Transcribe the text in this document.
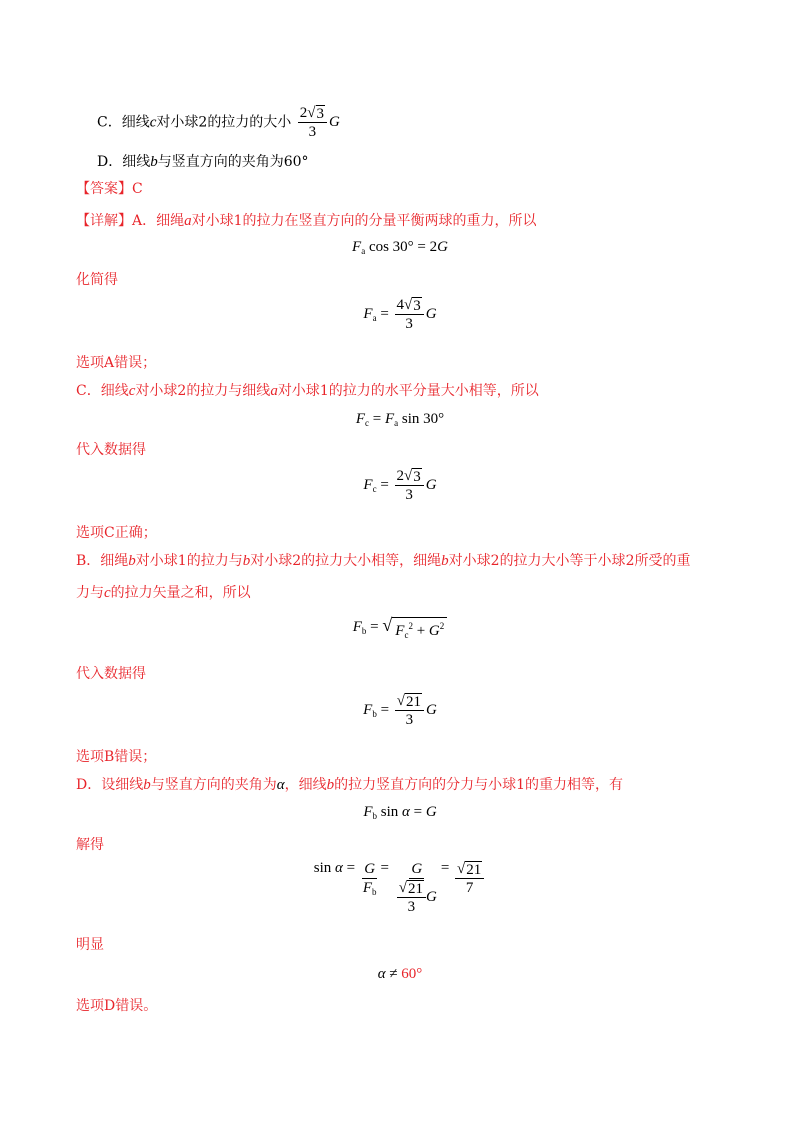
C．细线c对小球2的拉力的大小 $\frac{2 √ 3}{3}$ G
D．细线b与竖直方向的夹角为60°
【答案】C
【详解】A．细绳a对小球1的拉力在竖直方向的分量平衡两球的重力，所以
$F_a$ cos 30° = 2G
化简得
$F_a = \frac{4 √ 3}{3}$ G
选项A错误；
C．细线c对小球2的拉力与细线a对小球1的拉力的水平分量大小相等，所以
$F_c = F_a$ sin 30°
代入数据得
$F_c = \frac{2 √ 3}{3}$ G
选项C正确；
B．细绳b对小球1的拉力与b对小球2的拉力大小相等，细绳b对小球2的拉力大小等于小球2所受的重
力与c的拉力矢量之和，所以
$F_b$ = √ $F_c^2 + G^2$
代入数据得
$F_b = \frac{√ 21}{3}$ G
选项B错误；
D．设细线b与竖直方向的夹角为α，细线b的拉力竖直方向的分力与小球1的重力相等，有
$F_b$ sin α = G
解得
$\sin \alpha = \frac{G}{F_b} = \frac{G}{\frac{√ 21}{3} G} = \frac{√ 21}{7}$
明显
α ≠ 60°
选项D错误。
